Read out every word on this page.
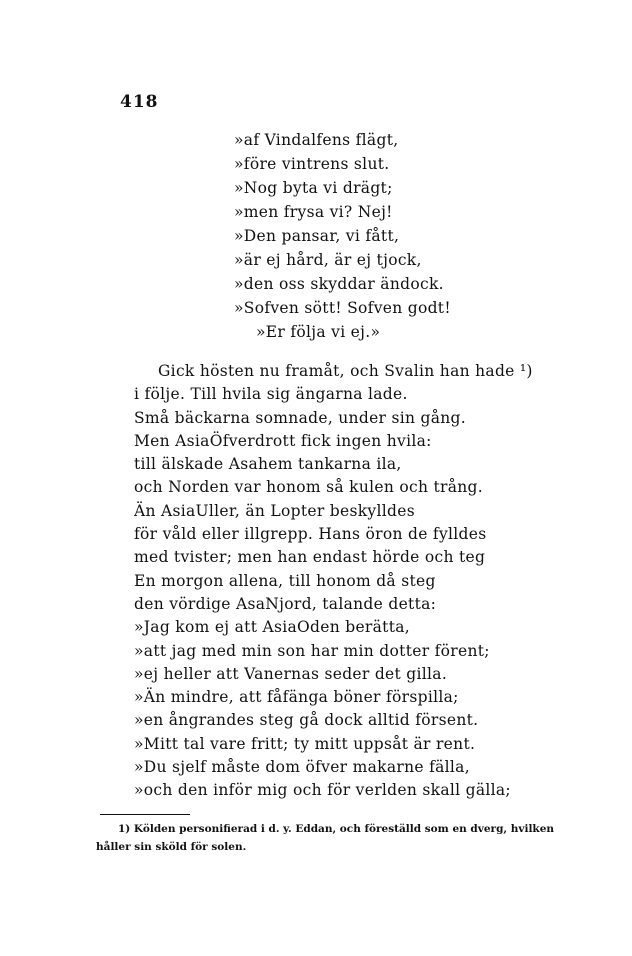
418
»af Vindalfens flägt,
»före vintrens slut.
»Nog byta vi drägt;
»men frysa vi? Nej!
»Den pansar, vi fått,
»är ej hård, är ej tjock,
»den oss skyddar ändock.
»Sofven sött! Sofven godt!
»Er följa vi ej.»
Gick hösten nu framåt, och Svalin han hade ¹)
i följe. Till hvila sig ängarna lade.
Små bäckarna somnade, under sin gång.
Men AsiaÖfverdrott fick ingen hvila:
till älskade Asahem tankarna ila,
och Norden var honom så kulen och trång.
Än AsiaUller, än Lopter beskylldes
för våld eller illgrepp. Hans öron de fylldes
med tvister; men han endast hörde och teg
En morgon allena, till honom då steg
den vördige AsaNjord, talande detta:
»Jag kom ej att AsiaOden berätta,
»att jag med min son har min dotter förent;
»ej heller att Vanernas seder det gilla.
»Än mindre, att fåfänga böner förspilla;
»en ångrandes steg gå dock alltid försent.
»Mitt tal vare fritt; ty mitt uppsåt är rent.
»Du sjelf måste dom öfver makarne fälla,
»och den inför mig och för verlden skall gälla;
1) Kölden personifierad i d. y. Eddan, och föreställd som en dverg, hvilken
håller sin sköld för solen.
